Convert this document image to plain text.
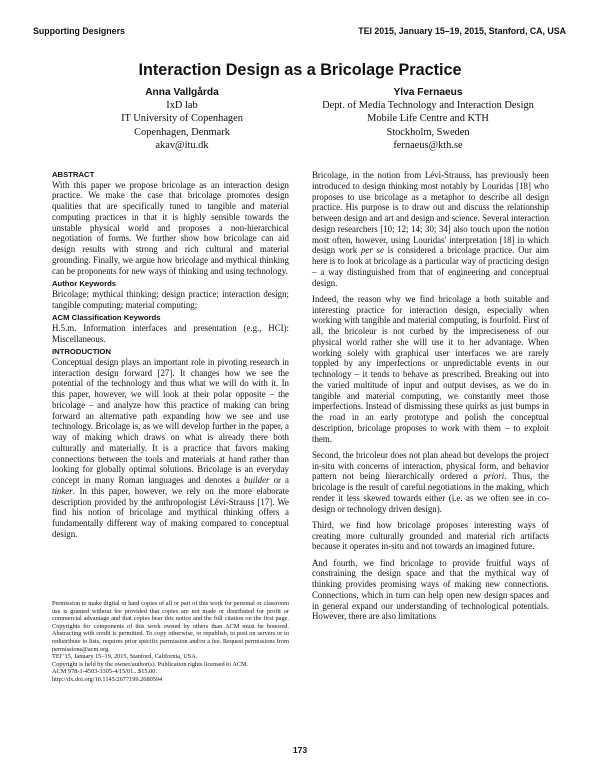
Supporting Designers	TEI 2015, January 15–19, 2015, Stanford, CA, USA
Interaction Design as a Bricolage Practice
Anna Vallgårda
IxD lab
IT University of Copenhagen
Copenhagen, Denmark
akav@itu.dk
Ylva Fernaeus
Dept. of Media Technology and Interaction Design
Mobile Life Centre and KTH
Stockholm, Sweden
fernaeus@kth.se
ABSTRACT

With this paper we propose bricolage as an interaction design practice. We make the case that bricolage promotes design qualities that are specifically tuned to tangible and material computing practices in that it is highly sensible towards the unstable physical world and proposes a non-hierarchical negotiation of forms. We further show how bricolage can aid design results with strong and rich cultural and material grounding. Finally, we argue how bricolage and mythical thinking can be proponents for new ways of thinking and using technology.

Author Keywords

Bricolage; mythical thinking; design practice; interaction design; tangible computing; material computing;

ACM Classification Keywords

H.5.m. Information interfaces and presentation (e.g., HCI): Miscellaneous.

INTRODUCTION

Conceptual design plays an important role in pivoting research in interaction design forward [27]. It changes how we see the potential of the technology and thus what we will do with it. In this paper, however, we will look at their polar opposite – the bricolage – and analyze how this practice of making can bring forward an alternative path expanding how we see and use technology. Bricolage is, as we will develop further in the paper, a way of making which draws on what is already there both culturally and materially. It is a practice that favors making connections between the tools and materials at hand rather than looking for globally optimal solutions. Bricolage is an everyday concept in many Roman languages and denotes a builder or a tinker. In this paper, however, we rely on the more elaborate description provided by the anthropologist Lévi-Strauss [17]. We find his notion of bricolage and mythical thinking offers a fundamentally different way of making compared to conceptual design.

Permission to make digital or hard copies of all or part of this work for personal or classroom use is granted without fee provided that copies are not made or distributed for profit or commercial advantage and that copies bear this notice and the full citation on the first page. Copyrights for components of this work owned by others than ACM must be honored. Abstracting with credit is permitted. To copy otherwise, or republish, to post on servers or to redistribute to lists, requires prior specific permission and/or a fee. Request permissions from permissions@acm.org.
TEI '15, January 15–19, 2015, Stanford, California, USA.
Copyright is held by the owner/author(s). Publication rights licensed to ACM.
ACM 978-1-4503-3305-4/15/01...$15.00.
http://dx.doi.org/10.1145/2677199.2680594

Bricolage, in the notion from Lévi-Strauss, has previously been introduced to design thinking most notably by Louridas [18] who proposes to use bricolage as a metaphor to describe all design practice. His purpose is to draw out and discuss the relationship between design and art and design and science. Several interaction design researchers [10; 12; 14; 30; 34] also touch upon the notion most often, however, using Louridas' interpretation [18] in which design work per se is considered a bricolage practice. Our aim here is to look at bricolage as a particular way of practicing design – a way distinguished from that of engineering and conceptual design.

Indeed, the reason why we find bricolage a both suitable and interesting practice for interaction design, especially when working with tangible and material computing, is fourfold. First of all, the bricoleur is not curbed by the impreciseness of our physical world rather she will use it to her advantage. When working solely with graphical user interfaces we are rarely toppled by any imperfections or unpredictable events in our technology – it tends to behave as prescribed. Breaking out into the varied multitude of input and output devises, as we do in tangible and material computing, we constantly meet those imperfections. Instead of dismissing these quirks as just bumps in the road in an early prototype and polish the conceptual description, bricolage proposes to work with them – to exploit them.

Second, the bricoleur does not plan ahead but develops the project in-situ with concerns of interaction, physical form, and behavior pattern not being hierarchically ordered a priori. Thus, the bricolage is the result of careful negotiations in the making, which render it less skewed towards either (i.e. as we often see in co-design or technology driven design).

Third, we find how bricolage proposes interesting ways of creating more culturally grounded and material rich artifacts because it operates in-situ and not towards an imagined future.

And fourth, we find bricolage to provide fruitful ways of constraining the design space and that the mythical way of thinking provides promising ways of making new connections. Connections, which in turn can help open new design spaces and in general expand our understanding of technological potentials. However, there are also limitations

173
